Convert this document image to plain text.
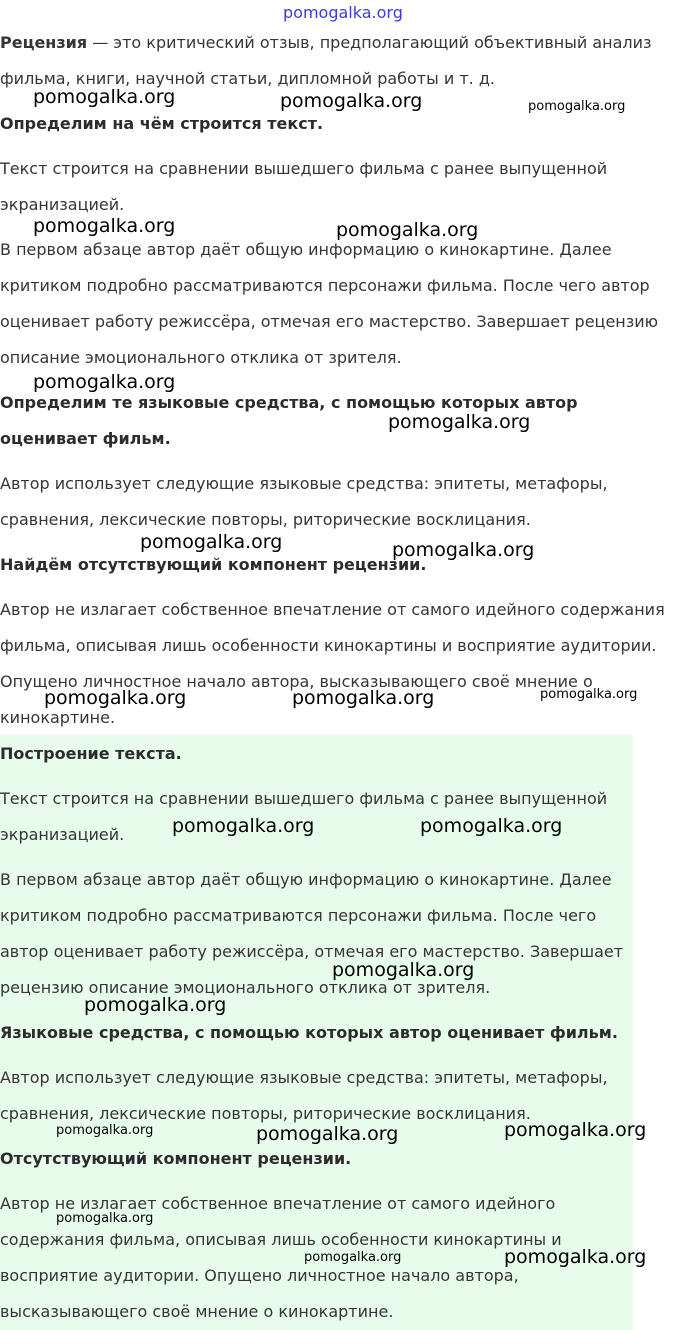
Рецензия — это критический отзыв, предполагающий объективный анализ фильма, книги, научной статьи, дипломной работы и т. д.

Определим на чём строится текст.

Текст строится на сравнении вышедшего фильма с ранее выпущенной экранизацией.

В первом абзаце автор даёт общую информацию о кинокартине. Далее критиком подробно рассматриваются персонажи фильма. После чего автор оценивает работу режиссёра, отмечая его мастерство. Завершает рецензию описание эмоционального отклика от зрителя.

Определим те языковые средства, с помощью которых автор оценивает фильм.

Автор использует следующие языковые средства: эпитеты, метафоры, сравнения, лексические повторы, риторические восклицания.

Найдём отсутствующий компонент рецензии.

Автор не излагает собственное впечатление от самого идейного содержания фильма, описывая лишь особенности кинокартины и восприятие аудитории. Опущено личностное начало автора, высказывающего своё мнение о кинокартине.

Построение текста.

Текст строится на сравнении вышедшего фильма с ранее выпущенной экранизацией.

В первом абзаце автор даёт общую информацию о кинокартине. Далее критиком подробно рассматриваются персонажи фильма. После чего автор оценивает работу режиссёра, отмечая его мастерство. Завершает рецензию описание эмоционального отклика от зрителя.

Языковые средства, с помощью которых автор оценивает фильм.

Автор использует следующие языковые средства: эпитеты, метафоры, сравнения, лексические повторы, риторические восклицания.

Отсутствующий компонент рецензии.

Автор не излагает собственное впечатление от самого идейного содержания фильма, описывая лишь особенности кинокартины и восприятие аудитории. Опущено личностное начало автора, высказывающего своё мнение о кинокартине.

pomogalka.org
pomogalka.org	pomogalka.org	pomogalka.org
pomogalka.org	pomogalka.org
pomogalka.org
pomogalka.org
pomogalka.org	pomogalka.org
pomogalka.org	pomogalka.org	pomogalka.org
pomogalka.org	pomogalka.org
pomogalka.org
pomogalka.org
pomogalka.org	pomogalka.org	pomogalka.org
pomogalka.org
pomogalka.org	pomogalka.org
